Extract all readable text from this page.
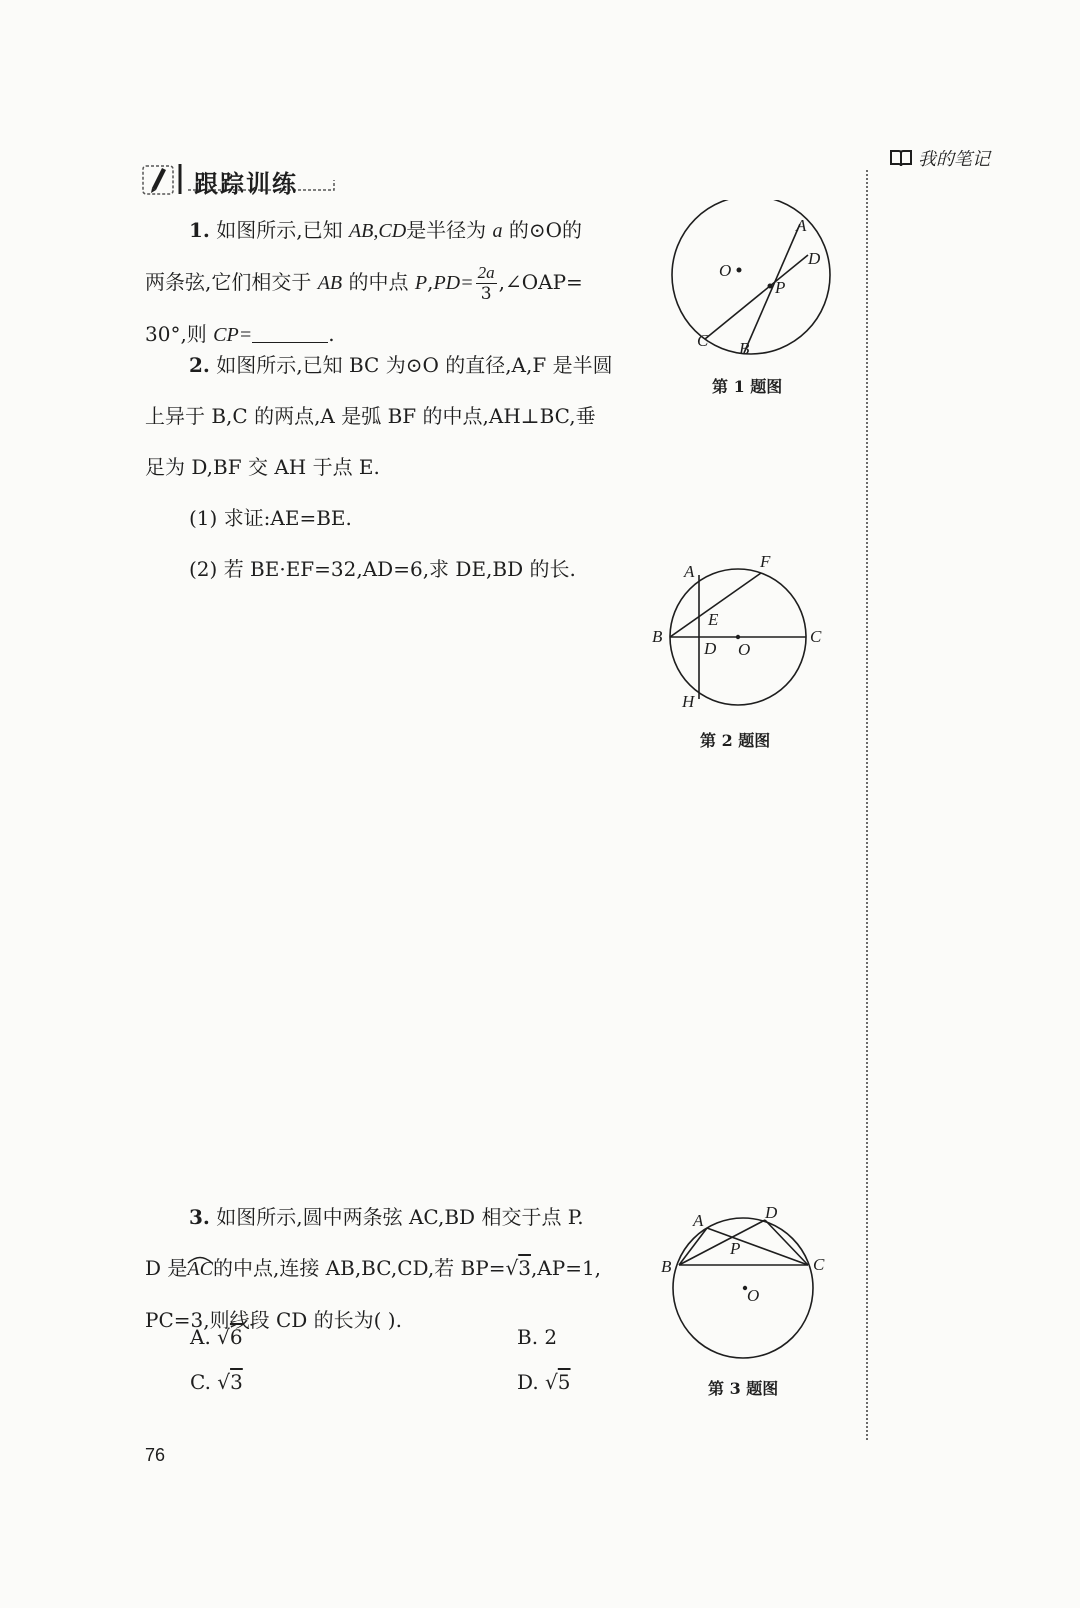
我的笔记
跟踪训练
1. 如图所示,已知 AB,CD是半径为 a 的⊙O的
两条弦,它们相交于 AB 的中点 $P,PD= \frac{2a}{3}$ ,∠OAP=
30°,则 CP=	.
2. 如图所示,已知 BC 为⊙O 的直径,A,F 是半圆
上异于 B,C 的两点,A 是弧 BF 的中点,AH⊥BC,垂
足为 D,BF 交 AH 于点 E.
(1) 求证:AE=BE.
(2) 若 BE·EF=32,AD=6,求 DE,BD 的长.
3. 如图所示,圆中两条弦 AC,BD 相交于点 P.
D 是AC
的中点,连接 AB,BC,CD,若 BP=√3,AP=1,
PC=3,则线段 CD 的长为( ).
A. √6	B. 2
C. √3	D. √5
A
D
O
P
C B
第 1 题图
A
F
E
B
D O
C
H
第 2 题图
A	D
P
B	C
O
第 3 题图
76
